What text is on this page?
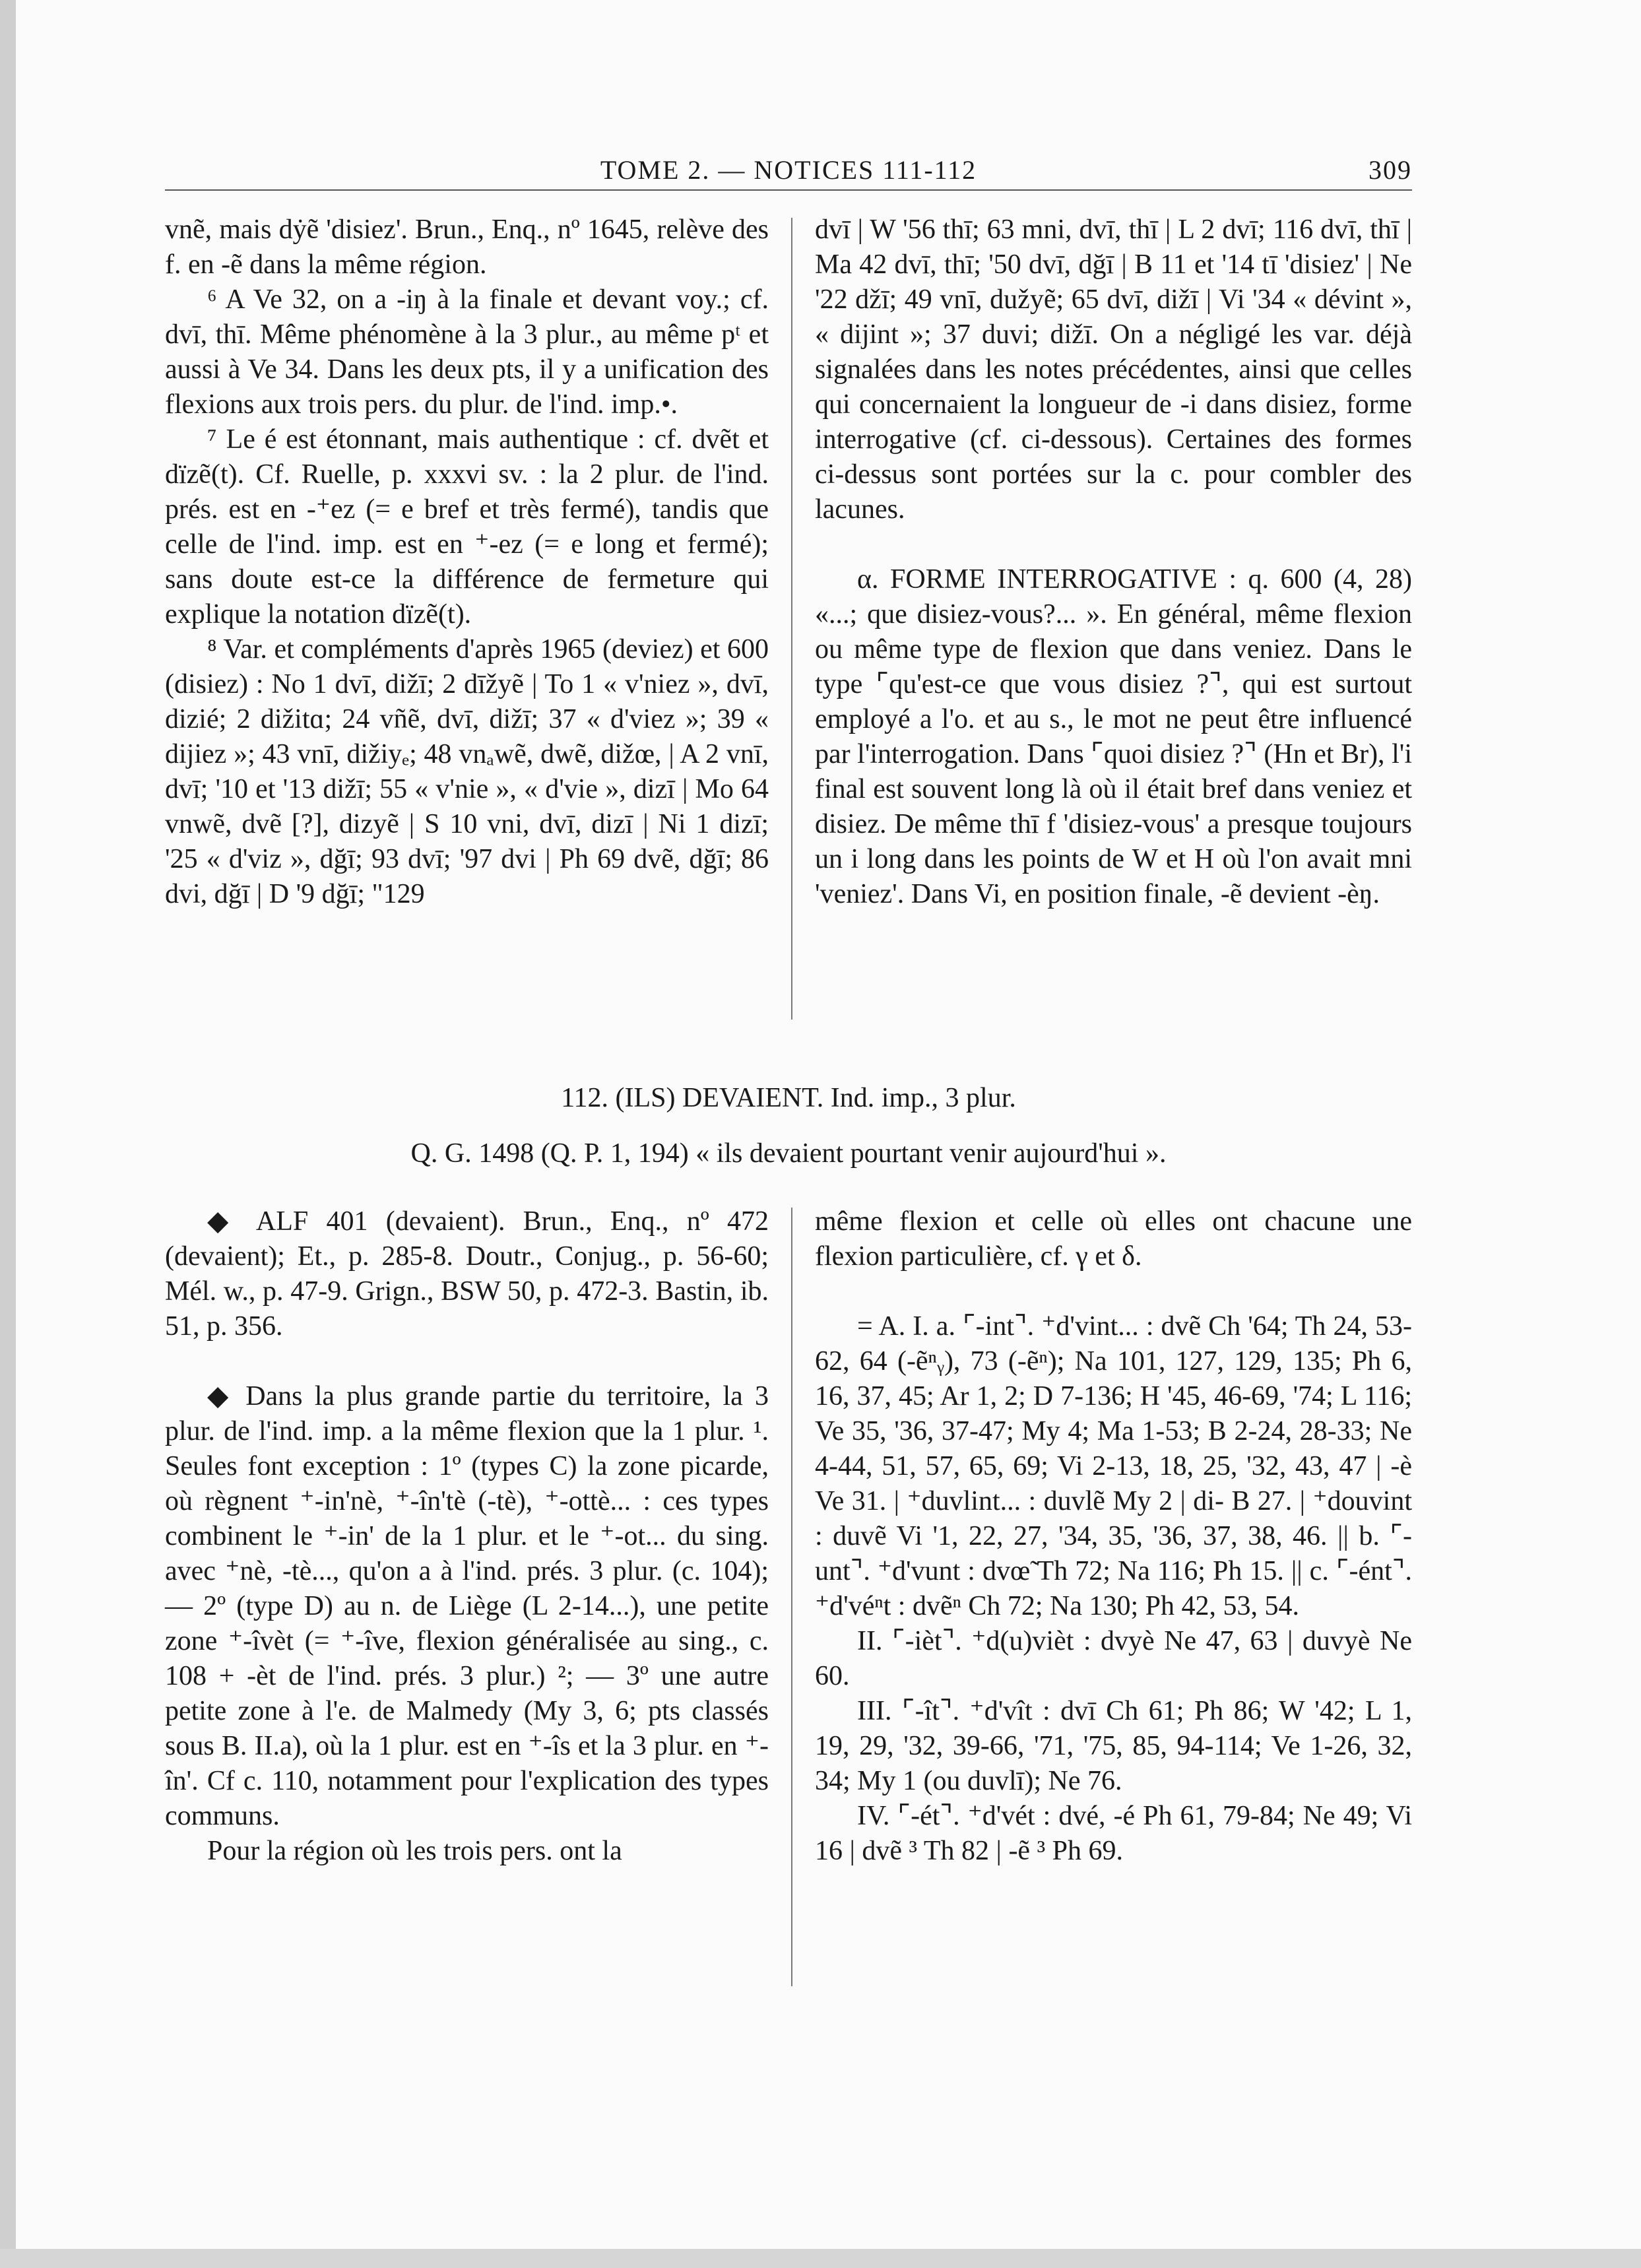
TOME 2. — NOTICES 111-112	309

vnẽ, mais dẏẽ 'disiez'. Brun., Enq., nº 1645, relève des f. en -ẽ dans la même région.

⁶ A Ve 32, on a -iŋ à la finale et devant voy.; cf. dvī, thī. Même phénomène à la 3 plur., au même pᵗ et aussi à Ve 34. Dans les deux pts, il y a unification des flexions aux trois pers. du plur. de l'ind. imp.•.

⁷ Le é est étonnant, mais authentique : cf. dvẽt et dïzẽ(t). Cf. Ruelle, p. xxxvi sv. : la 2 plur. de l'ind. prés. est en -⁺ez (= e bref et très fermé), tandis que celle de l'ind. imp. est en ⁺-ez (= e long et fermé); sans doute est-ce la différence de fermeture qui explique la notation dïzẽ(t).

⁸ Var. et compléments d'après 1965 (deviez) et 600 (disiez) : No 1 dvī, dižī; 2 dīžyẽ | To 1 « v'niez », dvī, dizié; 2 dižitɑ; 24 vñẽ, dvī, dižī; 37 « d'viez »; 39 « dijiez »; 43 vnī, dižiyₑ; 48 vnₐwẽ, dwẽ, dižœ, | A 2 vnī, dvī; '10 et '13 dižī; 55 « v'nie », « d'vie », dizī | Mo 64 vnwẽ, dvẽ [?], dizyẽ | S 10 vni, dvī, dizī | Ni 1 dizī; '25 « d'viz », dğī; 93 dvī; '97 dvi | Ph 69 dvẽ, dğī; 86 dvi, dğī | D '9 dğī; "129

dvī | W '56 thī; 63 mni, dvī, thī | L 2 dvī; 116 dvī, thī | Ma 42 dvī, thī; '50 dvī, dğī | B 11 et '14 tī 'disiez' | Ne '22 džī; 49 vnī, dužyẽ; 65 dvī, dižī | Vi '34 « dévint », « dijint »; 37 duvi; dižī. On a négligé les var. déjà signalées dans les notes précédentes, ainsi que celles qui concernaient la longueur de -i dans disiez, forme interrogative (cf. ci-dessous). Certaines des formes ci-dessus sont portées sur la c. pour combler des lacunes.

α. FORME INTERROGATIVE : q. 600 (4, 28) «...; que disiez-vous?... ». En général, même flexion ou même type de flexion que dans veniez. Dans le type ⌜qu'est-ce que vous disiez ?⌝, qui est surtout employé a l'o. et au s., le mot ne peut être influencé par l'interrogation. Dans ⌜quoi disiez ?⌝ (Hn et Br), l'i final est souvent long là où il était bref dans veniez et disiez. De même thī f 'disiez-vous' a presque toujours un i long dans les points de W et H où l'on avait mni 'veniez'. Dans Vi, en position finale, -ẽ devient -èŋ.

112. (ILS) DEVAIENT. Ind. imp., 3 plur.
Q. G. 1498 (Q. P. 1, 194) « ils devaient pourtant venir aujourd'hui ».

◆ ALF 401 (devaient). Brun., Enq., nº 472 (devaient); Et., p. 285-8. Doutr., Conjug., p. 56-60; Mél. w., p. 47-9. Grign., BSW 50, p. 472-3. Bastin, ib. 51, p. 356.

◆ Dans la plus grande partie du territoire, la 3 plur. de l'ind. imp. a la même flexion que la 1 plur. ¹. Seules font exception : 1º (types C) la zone picarde, où règnent ⁺-in'nè, ⁺-în'tè (-tè), ⁺-ottè... : ces types combinent le ⁺-in' de la 1 plur. et le ⁺-ot... du sing. avec ⁺nè, -tè..., qu'on a à l'ind. prés. 3 plur. (c. 104); — 2º (type D) au n. de Liège (L 2-14...), une petite zone ⁺-îvèt (= ⁺-îve, flexion généralisée au sing., c. 108 + -èt de l'ind. prés. 3 plur.) ²; — 3º une autre petite zone à l'e. de Malmedy (My 3, 6; pts classés sous B. II.a), où la 1 plur. est en ⁺-îs et la 3 plur. en ⁺-în'. Cf c. 110, notamment pour l'explication des types communs.

Pour la région où les trois pers. ont la

même flexion et celle où elles ont chacune une flexion particulière, cf. γ et δ.

= A. I. a. ⌜-int⌝. ⁺d'vint... : dvẽ Ch '64; Th 24, 53-62, 64 (-ẽⁿᵧ), 73 (-ẽⁿ); Na 101, 127, 129, 135; Ph 6, 16, 37, 45; Ar 1, 2; D 7-136; H '45, 46-69, '74; L 116; Ve 35, '36, 37-47; My 4; Ma 1-53; B 2-24, 28-33; Ne 4-44, 51, 57, 65, 69; Vi 2-13, 18, 25, '32, 43, 47 | -è Ve 31. | ⁺duvlint... : duvlẽ My 2 | di- B 27. | ⁺douvint : duvẽ Vi '1, 22, 27, '34, 35, '36, 37, 38, 46. || b. ⌜-unt⌝. ⁺d'vunt : dvœ̃ Th 72; Na 116; Ph 15. || c. ⌜-ént⌝. ⁺d'véⁿt : dvẽⁿ Ch 72; Na 130; Ph 42, 53, 54.

II. ⌜-ièt⌝. ⁺d(u)vièt : dvyè Ne 47, 63 | duvyè Ne 60.

III. ⌜-ît⌝. ⁺d'vît : dvī Ch 61; Ph 86; W '42; L 1, 19, 29, '32, 39-66, '71, '75, 85, 94-114; Ve 1-26, 32, 34; My 1 (ou duvlī); Ne 76.

IV. ⌜-ét⌝. ⁺d'vét : dvé, -é Ph 61, 79-84; Ne 49; Vi 16 | dvẽ ³ Th 82 | -ẽ ³ Ph 69.
